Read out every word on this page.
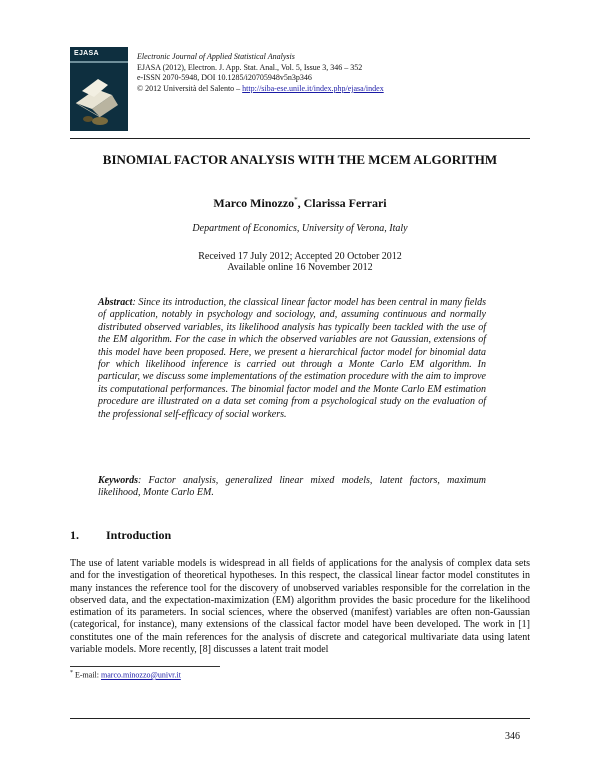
EJASA	Electronic Journal of Applied Statistical Analysis
EJASA (2012), Electron. J. App. Stat. Anal., Vol. 5, Issue 3, 346 – 352
e-ISSN 2070-5948, DOI 10.1285/i20705948v5n3p346
© 2012 Università del Salento – http://siba-ese.unile.it/index.php/ejasa/index
BINOMIAL FACTOR ANALYSIS WITH THE MCEM ALGORITHM
Marco Minozzo*, Clarissa Ferrari
Department of Economics, University of Verona, Italy
Received 17 July 2012; Accepted 20 October 2012
Available online 16 November 2012
Abstract: Since its introduction, the classical linear factor model has been central in many fields of application, notably in psychology and sociology, and, assuming continuous and normally distributed observed variables, its likelihood analysis has typically been tackled with the use of the EM algorithm. For the case in which the observed variables are not Gaussian, extensions of this model have been proposed. Here, we present a hierarchical factor model for binomial data for which likelihood inference is carried out through a Monte Carlo EM algorithm. In particular, we discuss some implementations of the estimation procedure with the aim to improve its computational performances. The binomial factor model and the Monte Carlo EM estimation procedure are illustrated on a data set coming from a psychological study on the evaluation of the professional self-efficacy of social workers.
Keywords: Factor analysis, generalized linear mixed models, latent factors, maximum likelihood, Monte Carlo EM.
1. Introduction
The use of latent variable models is widespread in all fields of applications for the analysis of complex data sets and for the investigation of theoretical hypotheses. In this respect, the classical linear factor model constitutes in many instances the reference tool for the discovery of unobserved variables responsible for the correlation in the observed data, and the expectation-maximization (EM) algorithm provides the basic procedure for the likelihood estimation of its parameters. In social sciences, where the observed (manifest) variables are often non-Gaussian (categorical, for instance), many extensions of the classical factor model have been developed. The work in [1] constitutes one of the main references for the analysis of discrete and categorical multivariate data using latent variable models. More recently, [8] discusses a latent trait model
* E-mail: marco.minozzo@univr.it
346
